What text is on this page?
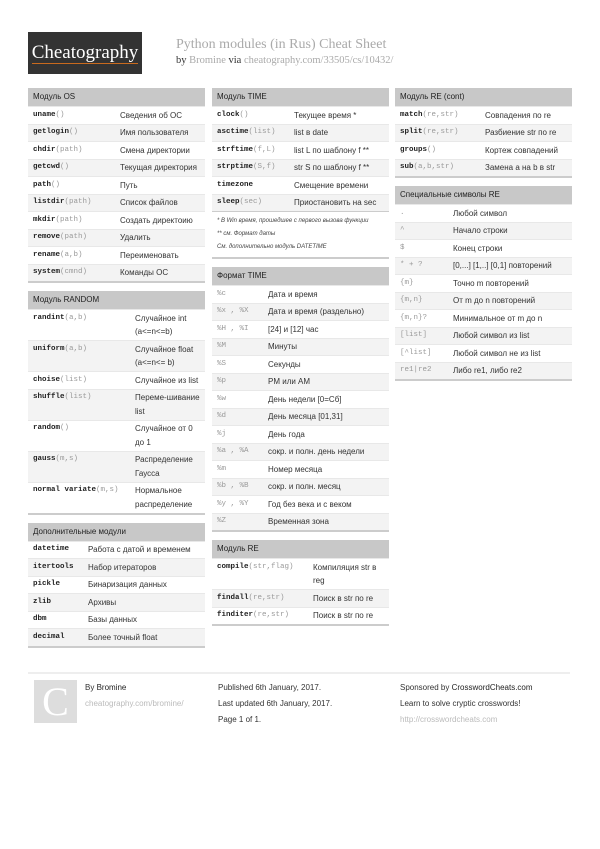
Cheatography	Python modules (in Rus) Cheat Sheet
by Bromine via cheatography.com/33505/cs/10432/
Модуль OS
uname()	Сведения об ОС
getlogin()	Имя пользователя
chdir(path)	Смена директории
getcwd()	Текущая директория
path()	Путь
listdir(path)	Список файлов
mkdir(path)	Создать директоию
remove(path)	Удалить
rename(a,b)	Переименовать
system(cmnd)	Команды ОС
Модуль RANDOM
randint(a,b)	Случайное int (a<=n<=b)
uniform(a,b)	Случайное float (a<=n<= b)
choise(list)	Случайное из list
shuffle(list)	Переме-шивание list
random()	Случайное от 0 до 1
gauss(m,s)	Распределение Гаусса
normal variate(m,s)	Нормальное распределение
Дополнительные модули
datetime	Работа с датой и временем
itertools	Набор итераторов
pickle	Бинаризация данных
zlib	Архивы
dbm	Базы данных
decimal	Более точный float
Модуль TIME
clock()	Текущее время *
asctime(list)	list в date
strftime(f,L)	list L по шаблону f **
strptime(S,f)	str S по шаблону f **
timezone	Смещение времени
sleep(sec)	Приостановить на sec
* В Win время, прошедшее с первого вызова функции
** см. Формат даты
См. дополнительно модуль DATETIME
Формат TIME
%c	Дата и время
%x , %X	Дата и время (раздельно)
%H , %I	[24] и [12] час
%M	Минуты
%S	Секунды
%p	PM или AM
%w	День недели [0=Сб]
%d	День месяца [01,31]
%j	День года
%a , %A	сокр. и полн. день недели
%m	Номер месяца
%b , %B	сокр. и полн. месяц
%y , %Y	Год без века и с веком
%Z	Временная зона
Модуль RE
compile(str,flag)	Компиляция str в reg
findall(re,str)	Поиск в str по re
finditer(re,str)	Поиск в str по re
Модуль RE (cont)
match(re,str)	Совпадения по re
split(re,str)	Разбиение str по re
groups()	Кортеж совпадений
sub(a,b,str)	Замена a на b в str
Специальные символы RE
.	Любой символ
^	Начало строки
$	Конец строки
* + ?	[0,...] [1,..] [0,1] повторений
{m}	Точно m повторений
{m,n}	От m до n повторений
{m,n}?	Минимальное от m до n
[list]	Любой символ из list
[^list]	Любой символ не из list
re1|re2	Либо re1, либо re2
C	By Bromine
cheatography.com/bromine/
Published 6th January, 2017.
Last updated 6th January, 2017.
Page 1 of 1.
Sponsored by CrosswordCheats.com
Learn to solve cryptic crosswords!
http://crosswordcheats.com
